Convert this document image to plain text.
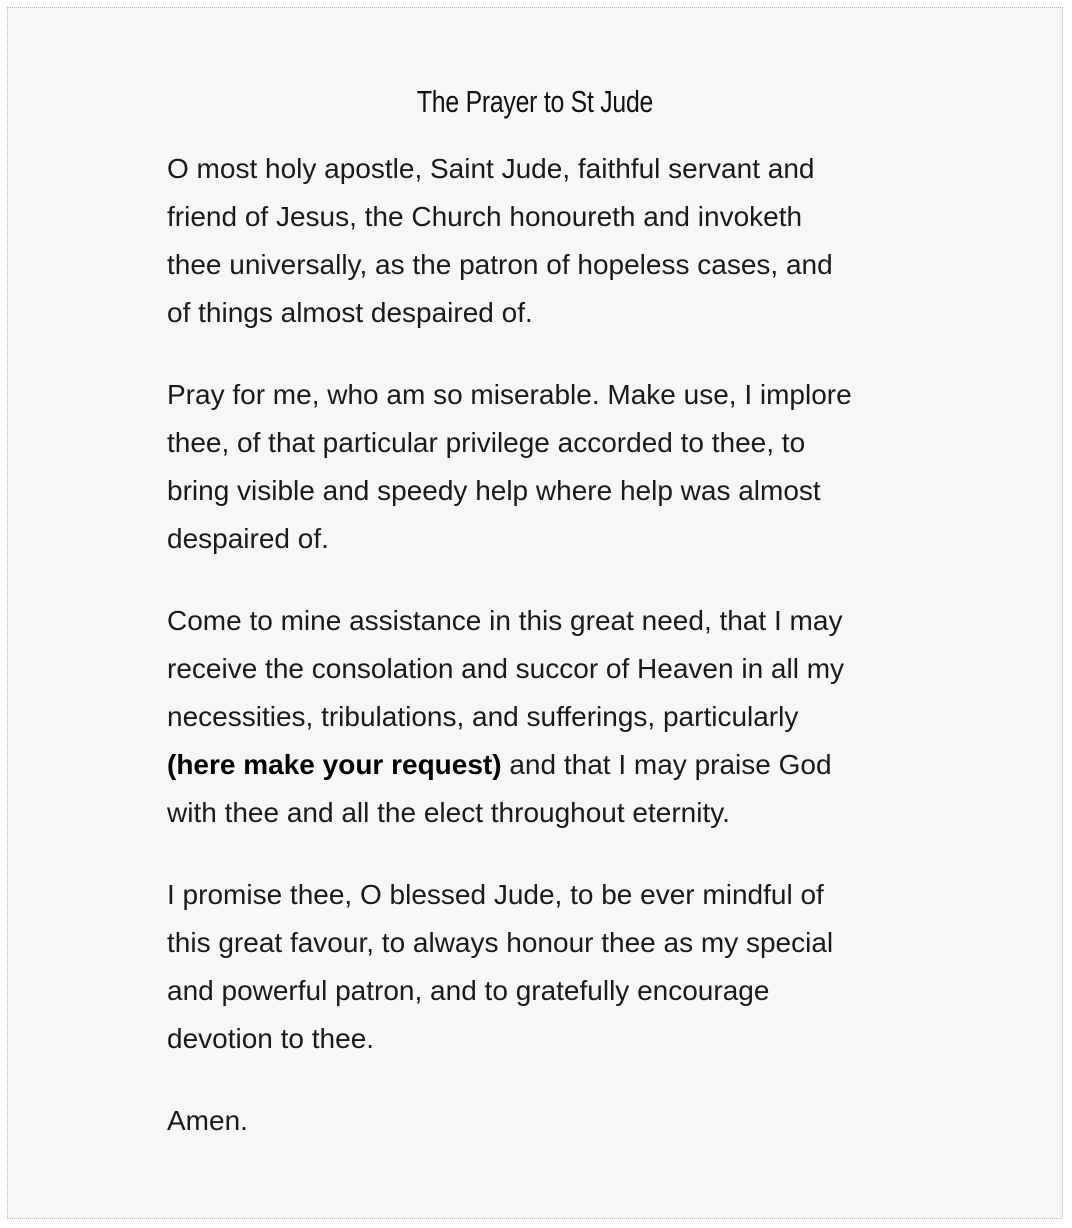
The Prayer to St Jude

O most holy apostle, Saint Jude, faithful servant and
friend of Jesus, the Church honoureth and invoketh
thee universally, as the patron of hopeless cases, and
of things almost despaired of.

Pray for me, who am so miserable. Make use, I implore
thee, of that particular privilege accorded to thee, to
bring visible and speedy help where help was almost
despaired of.

Come to mine assistance in this great need, that I may
receive the consolation and succor of Heaven in all my
necessities, tribulations, and sufferings, particularly
(here make your request) and that I may praise God
with thee and all the elect throughout eternity.

I promise thee, O blessed Jude, to be ever mindful of
this great favour, to always honour thee as my special
and powerful patron, and to gratefully encourage
devotion to thee.

Amen.
